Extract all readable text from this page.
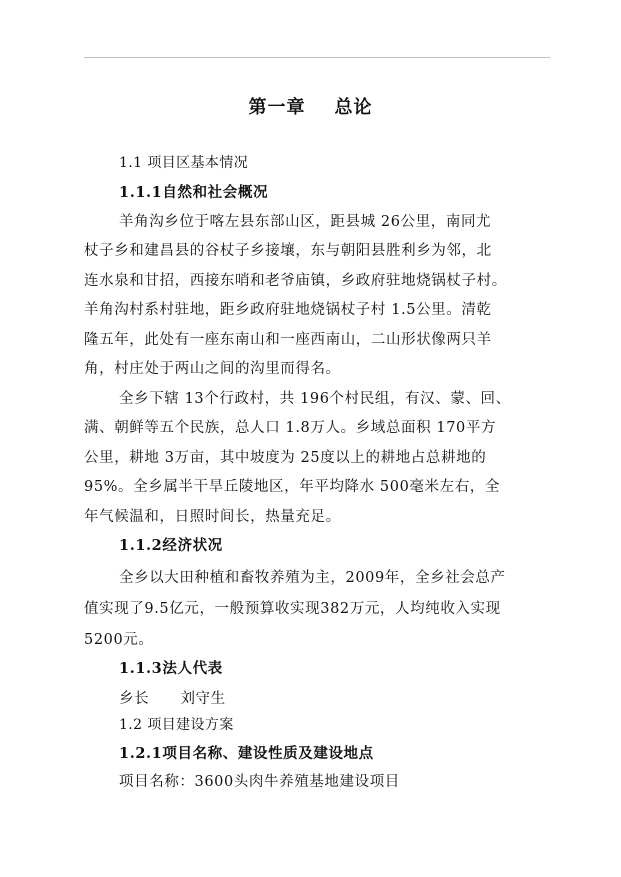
第一章    总论
1.1 项目区基本情况
1.1.1自然和社会概况
羊角沟乡位于喀左县东部山区，距县城 26公里，南同尤
杖子乡和建昌县的谷杖子乡接壤，东与朝阳县胜利乡为邻，北
连水泉和甘招，西接东哨和老爷庙镇，乡政府驻地烧锅杖子村。
羊角沟村系村驻地，距乡政府驻地烧锅杖子村 1.5公里。清乾
隆五年，此处有一座东南山和一座西南山，二山形状像两只羊
角，村庄处于两山之间的沟里而得名。
全乡下辖 13个行政村，共 196个村民组，有汉、蒙、回、
满、朝鲜等五个民族，总人口 1.8万人。乡域总面积 170平方
公里，耕地 3万亩，其中坡度为 25度以上的耕地占总耕地的
95%。全乡属半干旱丘陵地区，年平均降水 500毫米左右，全
年气候温和，日照时间长，热量充足。
1.1.2经济状况
全乡以大田种植和畜牧养殖为主，2009年，全乡社会总产
值实现了9.5亿元，一般预算收实现382万元，人均纯收入实现
5200元。
1.1.3法人代表
乡长      刘守生
1.2 项目建设方案
1.2.1项目名称、建设性质及建设地点
项目名称：3600头肉牛养殖基地建设项目
